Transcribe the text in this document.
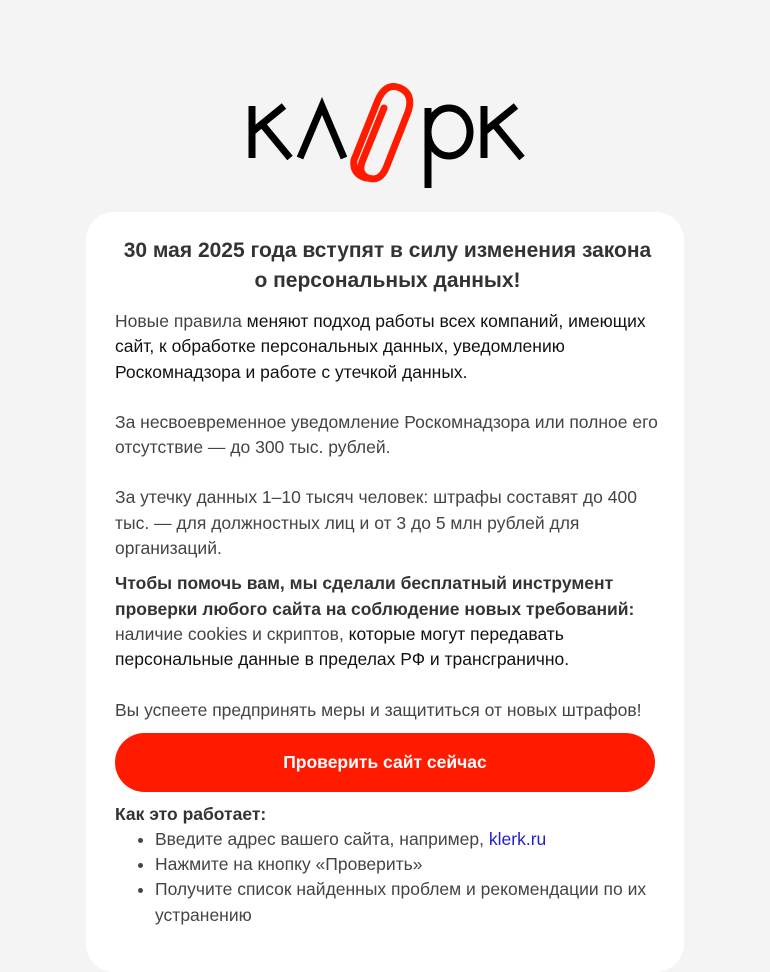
30 мая 2025 года вступят в силу изменения закона о персональных данных!

Новые правила меняют подход работы всех компаний, имеющих сайт, к обработке персональных данных, уведомлению Роскомнадзора и работе с утечкой данных.

За несвоевременное уведомление Роскомнадзора или полное его отсутствие — до 300 тыс. рублей.

За утечку данных 1–10 тысяч человек: штрафы составят до 400 тыс. — для должностных лиц и от 3 до 5 млн рублей для организаций.

Чтобы помочь вам, мы сделали бесплатный инструмент проверки любого сайта на соблюдение новых требований: наличие cookies и скриптов, которые могут передавать персональные данные в пределах РФ и трансгранично.

Вы успеете предпринять меры и защититься от новых штрафов!

Проверить сайт сейчас

Как это работает:

• Введите адрес вашего сайта, например, klerk.ru
• Нажмите на кнопку «Проверить»
• Получите список найденных проблем и рекомендации по их устранению
